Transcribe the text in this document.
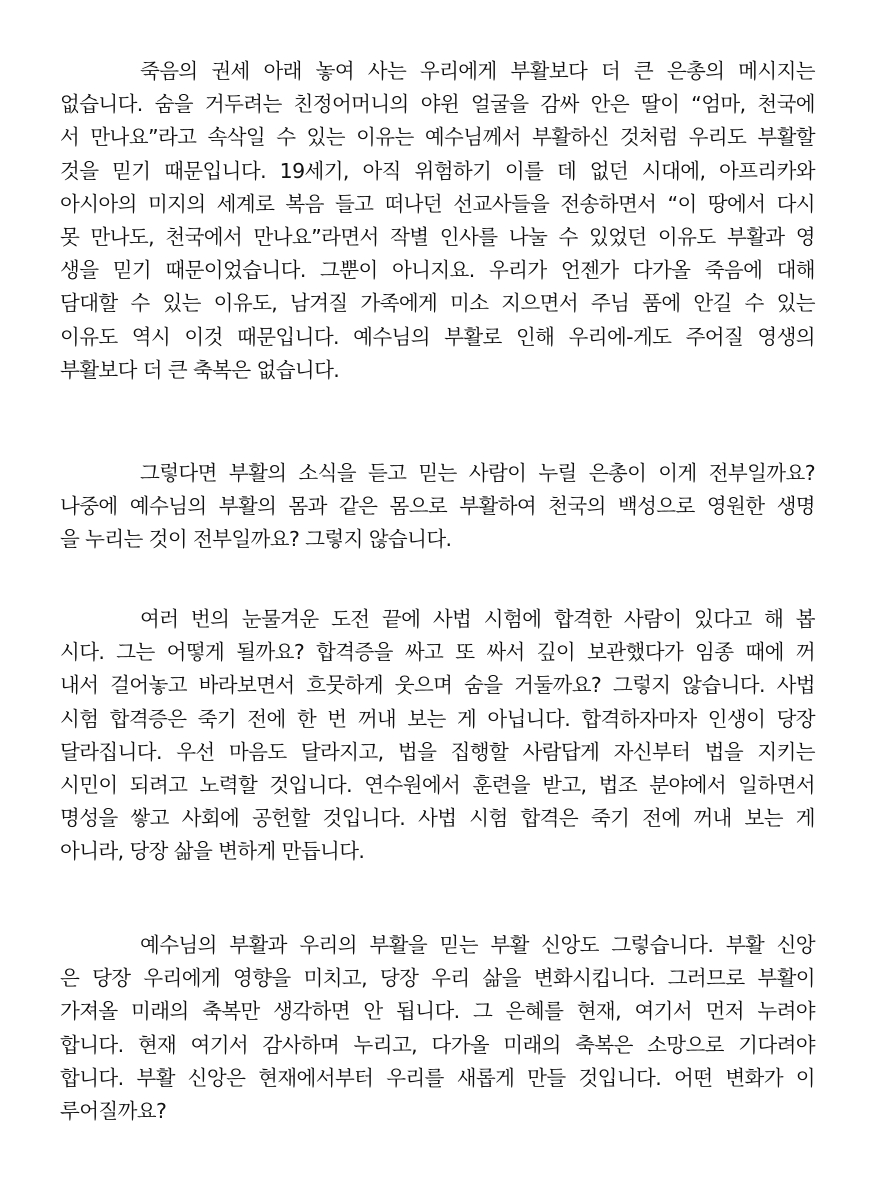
죽음의 권세 아래 놓여 사는 우리에게 부활보다 더 큰 은총의 메시지는
없습니다. 숨을 거두려는 친정어머니의 야윈 얼굴을 감싸 안은 딸이 “엄마, 천국에
서 만나요”라고 속삭일 수 있는 이유는 예수님께서 부활하신 것처럼 우리도 부활할
것을 믿기 때문입니다. 19세기, 아직 위험하기 이를 데 없던 시대에, 아프리카와
아시아의 미지의 세계로 복음 들고 떠나던 선교사들을 전송하면서 “이 땅에서 다시
못 만나도, 천국에서 만나요”라면서 작별 인사를 나눌 수 있었던 이유도 부활과 영
생을 믿기 때문이었습니다. 그뿐이 아니지요. 우리가 언젠가 다가올 죽음에 대해
담대할 수 있는 이유도, 남겨질 가족에게 미소 지으면서 주님 품에 안길 수 있는
이유도 역시 이것 때문입니다. 예수님의 부활로 인해 우리에-게도 주어질 영생의
부활보다 더 큰 축복은 없습니다.
그렇다면 부활의 소식을 듣고 믿는 사람이 누릴 은총이 이게 전부일까요?
나중에 예수님의 부활의 몸과 같은 몸으로 부활하여 천국의 백성으로 영원한 생명
을 누리는 것이 전부일까요? 그렇지 않습니다.
여러 번의 눈물겨운 도전 끝에 사법 시험에 합격한 사람이 있다고 해 봅
시다. 그는 어떻게 될까요? 합격증을 싸고 또 싸서 깊이 보관했다가 임종 때에 꺼
내서 걸어놓고 바라보면서 흐뭇하게 웃으며 숨을 거둘까요? 그렇지 않습니다. 사법
시험 합격증은 죽기 전에 한 번 꺼내 보는 게 아닙니다. 합격하자마자 인생이 당장
달라집니다. 우선 마음도 달라지고, 법을 집행할 사람답게 자신부터 법을 지키는
시민이 되려고 노력할 것입니다. 연수원에서 훈련을 받고, 법조 분야에서 일하면서
명성을 쌓고 사회에 공헌할 것입니다. 사법 시험 합격은 죽기 전에 꺼내 보는 게
아니라, 당장 삶을 변하게 만듭니다.
예수님의 부활과 우리의 부활을 믿는 부활 신앙도 그렇습니다. 부활 신앙
은 당장 우리에게 영향을 미치고, 당장 우리 삶을 변화시킵니다. 그러므로 부활이
가져올 미래의 축복만 생각하면 안 됩니다. 그 은혜를 현재, 여기서 먼저 누려야
합니다. 현재 여기서 감사하며 누리고, 다가올 미래의 축복은 소망으로 기다려야
합니다. 부활 신앙은 현재에서부터 우리를 새롭게 만들 것입니다. 어떤 변화가 이
루어질까요?
